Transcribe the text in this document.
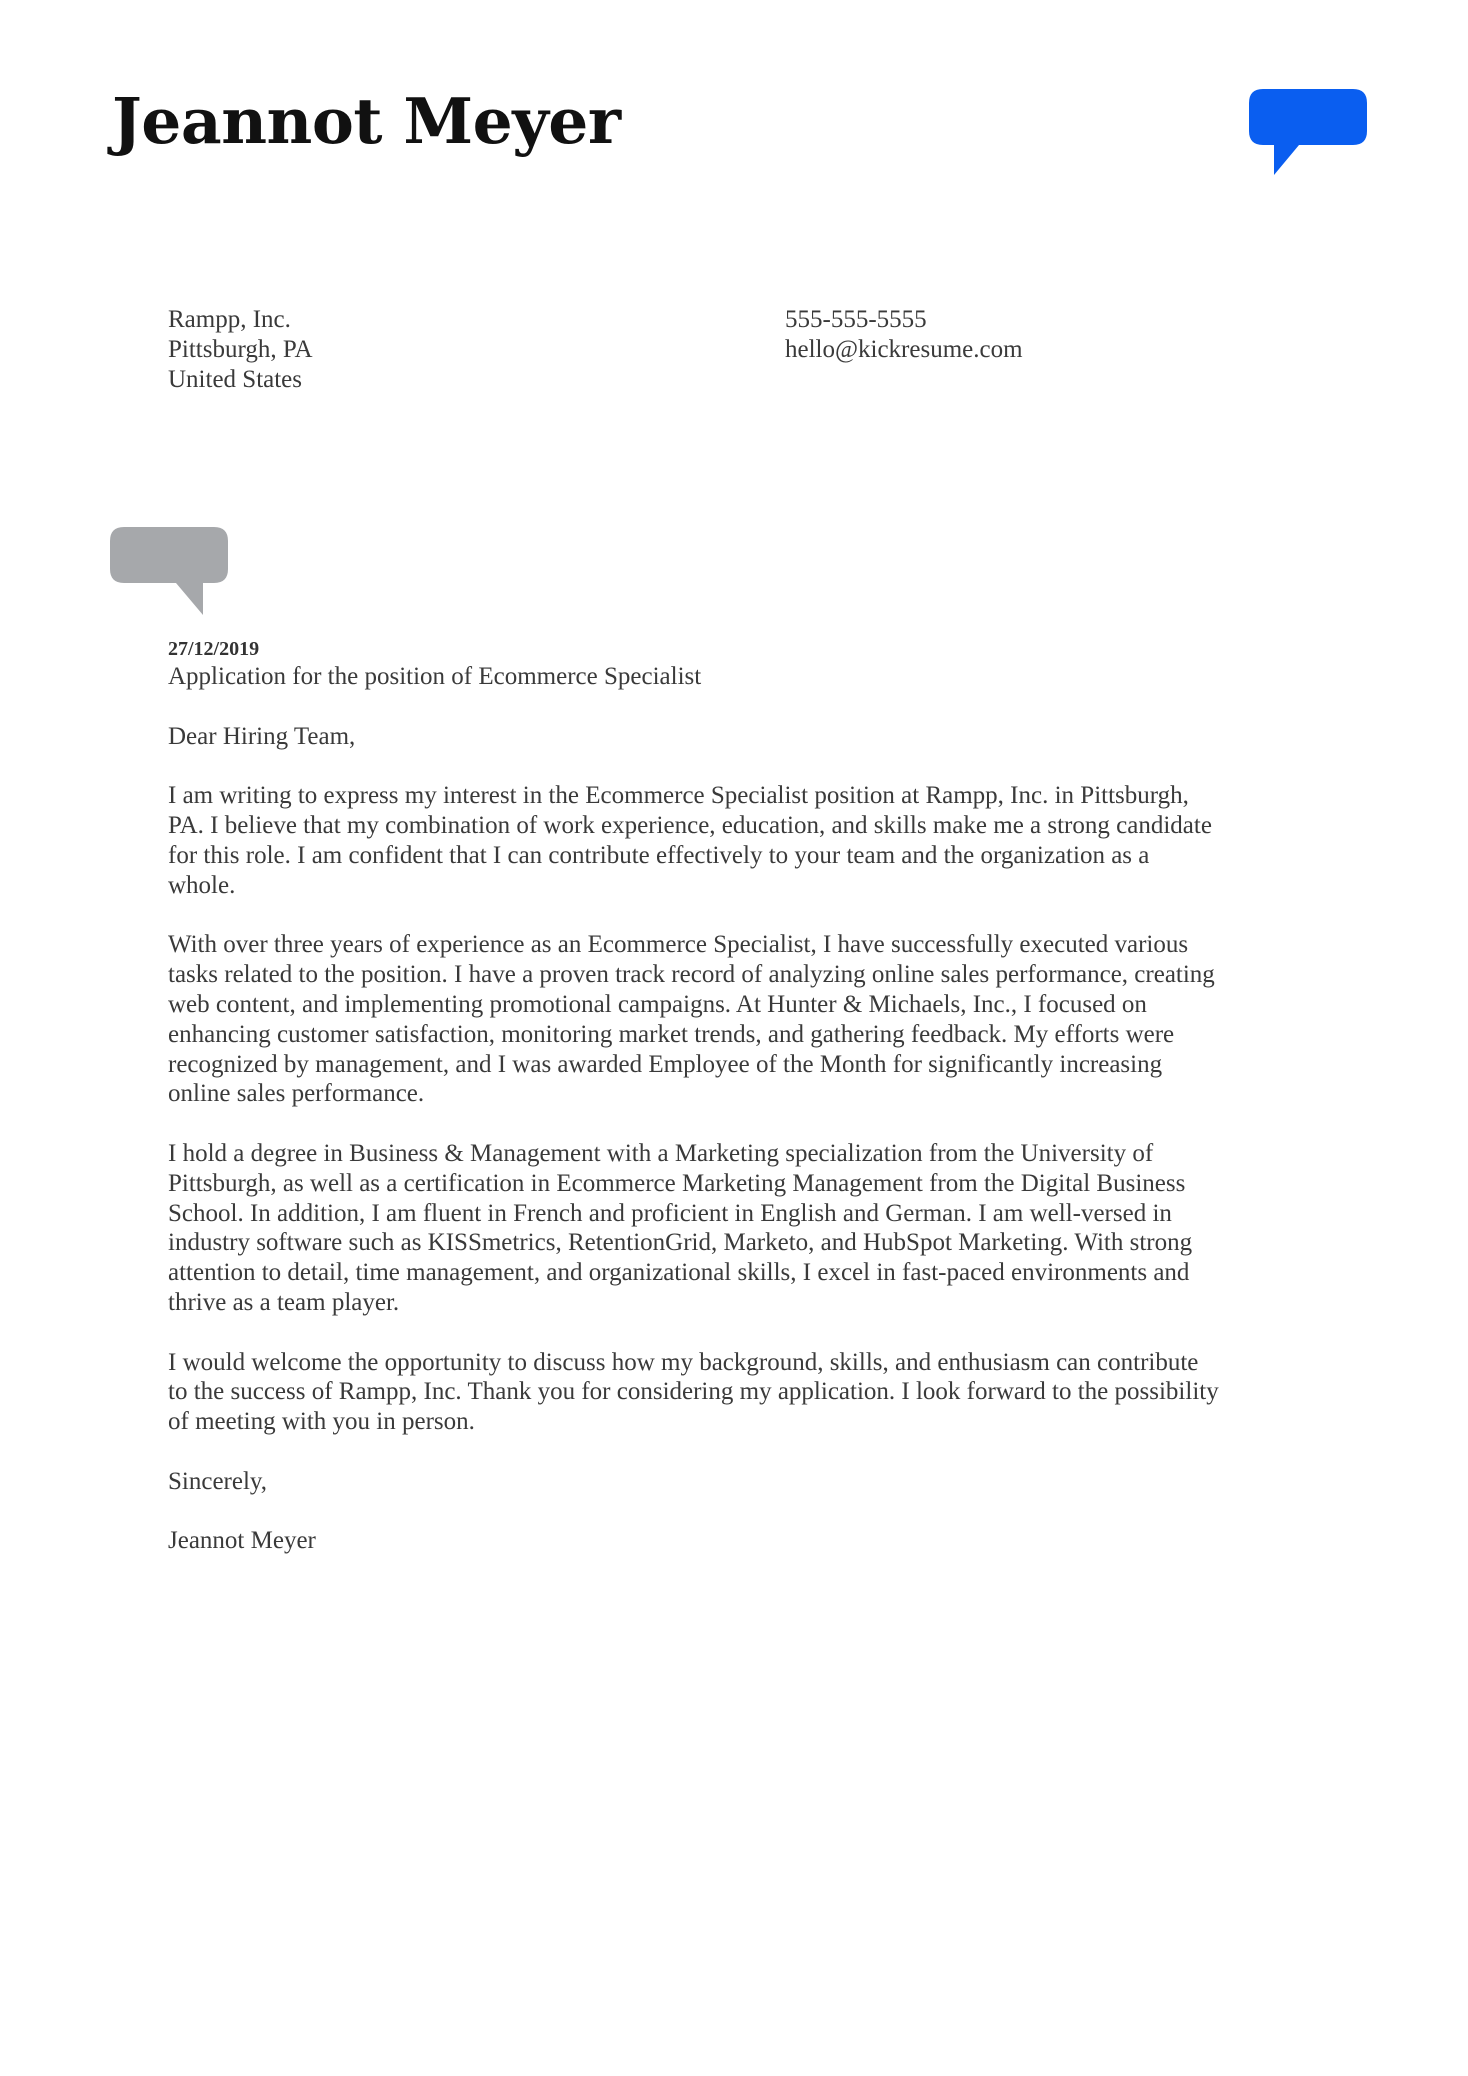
Jeannot Meyer
Rampp, Inc.
Pittsburgh, PA
United States
555-555-5555
hello@kickresume.com
27/12/2019
Application for the position of Ecommerce Specialist
Dear Hiring Team,
I am writing to express my interest in the Ecommerce Specialist position at Rampp, Inc. in Pittsburgh,
PA. I believe that my combination of work experience, education, and skills make me a strong candidate
for this role. I am confident that I can contribute effectively to your team and the organization as a
whole.
With over three years of experience as an Ecommerce Specialist, I have successfully executed various
tasks related to the position. I have a proven track record of analyzing online sales performance, creating
web content, and implementing promotional campaigns. At Hunter & Michaels, Inc., I focused on
enhancing customer satisfaction, monitoring market trends, and gathering feedback. My efforts were
recognized by management, and I was awarded Employee of the Month for significantly increasing
online sales performance.
I hold a degree in Business & Management with a Marketing specialization from the University of
Pittsburgh, as well as a certification in Ecommerce Marketing Management from the Digital Business
School. In addition, I am fluent in French and proficient in English and German. I am well-versed in
industry software such as KISSmetrics, RetentionGrid, Marketo, and HubSpot Marketing. With strong
attention to detail, time management, and organizational skills, I excel in fast-paced environments and
thrive as a team player.
I would welcome the opportunity to discuss how my background, skills, and enthusiasm can contribute
to the success of Rampp, Inc. Thank you for considering my application. I look forward to the possibility
of meeting with you in person.
Sincerely,
Jeannot Meyer
